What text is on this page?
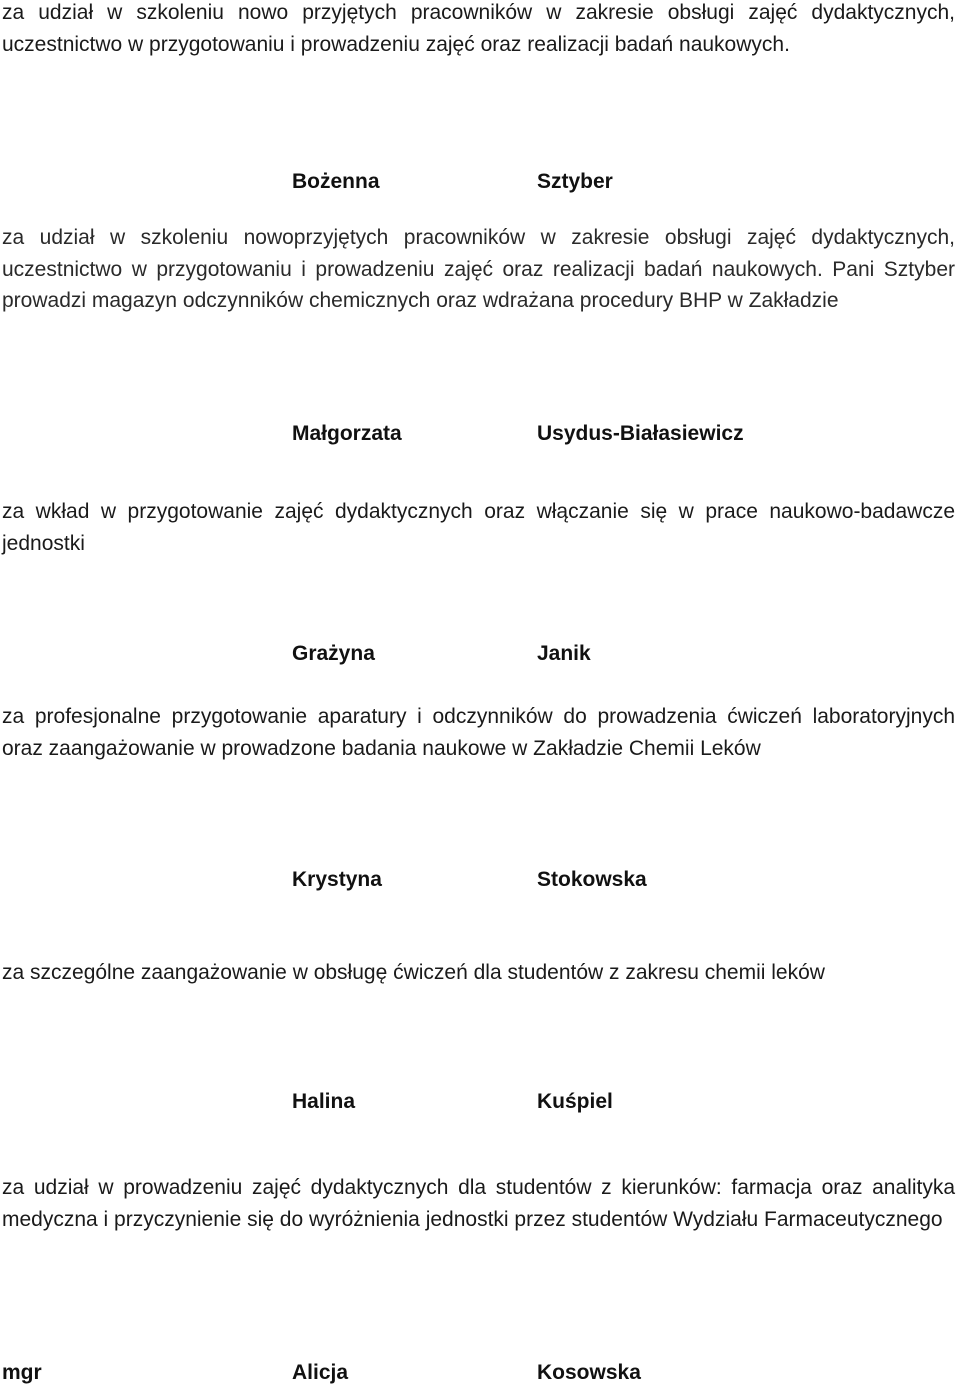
za udział w szkoleniu nowo przyjętych pracowników w zakresie obsługi zajęć dydaktycznych, uczestnictwo w przygotowaniu i prowadzeniu zajęć oraz realizacji badań naukowych.

Bożenna	Sztyber

za udział w szkoleniu nowoprzyjętych pracowników w zakresie obsługi zajęć dydaktycznych, uczestnictwo w przygotowaniu i prowadzeniu zajęć oraz realizacji badań naukowych. Pani Sztyber prowadzi magazyn odczynników chemicznych oraz wdrażana procedury BHP w Zakładzie

Małgorzata	Usydus-Białasiewicz

za wkład w przygotowanie zajęć dydaktycznych oraz włączanie się w prace naukowo-badawcze jednostki

Grażyna	Janik

za profesjonalne przygotowanie aparatury i odczynników do prowadzenia ćwiczeń laboratoryjnych oraz zaangażowanie w prowadzone badania naukowe w Zakładzie Chemii Leków

Krystyna	Stokowska

za szczególne zaangażowanie w obsługę ćwiczeń dla studentów z zakresu chemii leków

Halina	Kuśpiel

za udział w prowadzeniu zajęć dydaktycznych dla studentów z kierunków: farmacja oraz analityka medyczna i przyczynienie się do wyróżnienia jednostki przez studentów Wydziału Farmaceutycznego

mgr	Alicja	Kosowska
